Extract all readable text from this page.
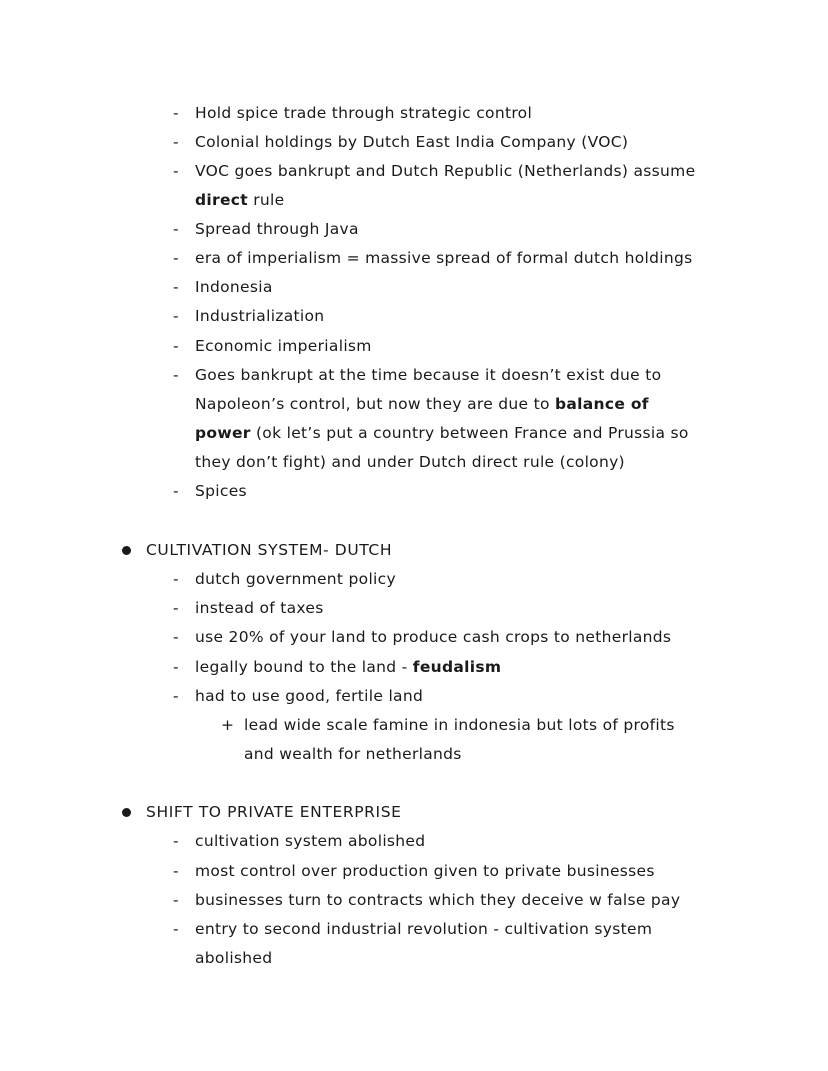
- Hold spice trade through strategic control
- Colonial holdings by Dutch East India Company (VOC)
- VOC goes bankrupt and Dutch Republic (Netherlands) assume
direct rule
- Spread through Java
- era of imperialism = massive spread of formal dutch holdings
- Indonesia
- Industrialization
- Economic imperialism
- Goes bankrupt at the time because it doesn’t exist due to
Napoleon’s control, but now they are due to balance of
power (ok let’s put a country between France and Prussia so
they don’t fight) and under Dutch direct rule (colony)
- Spices
CULTIVATION SYSTEM- DUTCH
- dutch government policy
- instead of taxes
- use 20% of your land to produce cash crops to netherlands
- legally bound to the land - feudalism
- had to use good, fertile land
+ lead wide scale famine in indonesia but lots of profits
and wealth for netherlands
SHIFT TO PRIVATE ENTERPRISE
- cultivation system abolished
- most control over production given to private businesses
- businesses turn to contracts which they deceive w false pay
- entry to second industrial revolution - cultivation system
abolished
